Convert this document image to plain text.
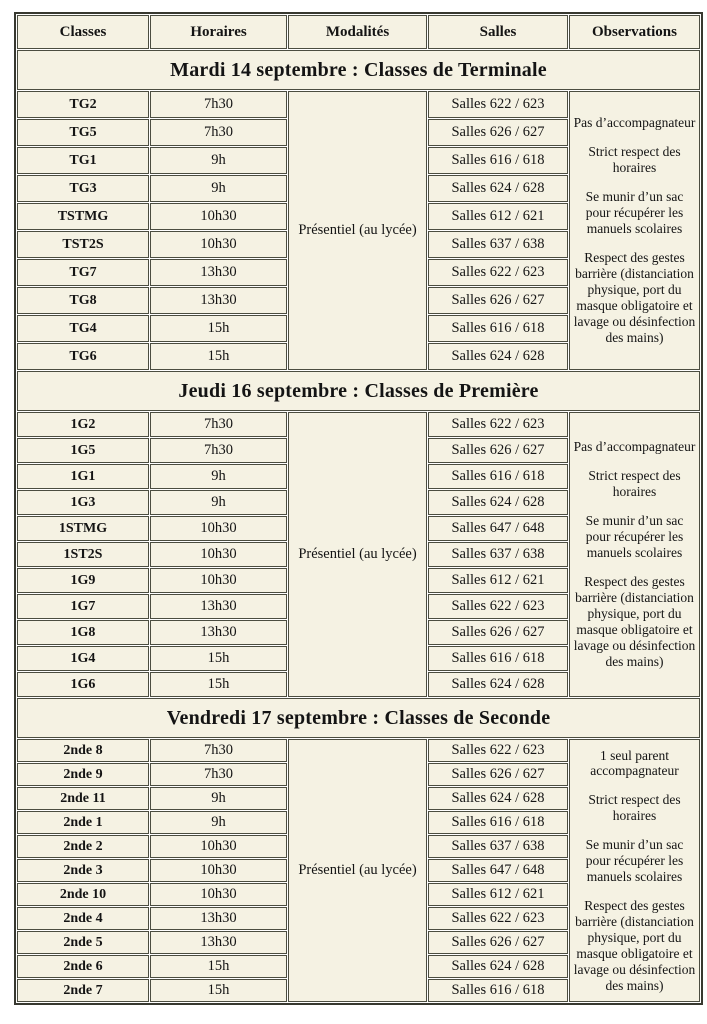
Classes	Horaires	Modalités	Salles	Observations
Mardi 14 septembre : Classes de Terminale				
TG2	7h30	Présentiel (au lycée)	Salles 622 / 623	Pas d’accompagnateur

Strict respect des horaires

Se munir d’un sac pour récupérer les manuels scolaires

Respect des gestes barrière (distanciation physique, port du masque obligatoire et lavage ou désinfection des mains)

TG5	7h30		Salles 626 / 627	
TG1	9h		Salles 616 / 618	
TG3	9h		Salles 624 / 628	
TSTMG	10h30		Salles 612 / 621	
TST2S	10h30		Salles 637 / 638	
TG7	13h30		Salles 622 / 623	
TG8	13h30		Salles 626 / 627	
TG4	15h		Salles 616 / 618	
TG6	15h		Salles 624 / 628	
Jeudi 16 septembre : Classes de Première				
1G2	7h30	Présentiel (au lycée)	Salles 622 / 623	Pas d’accompagnateur

Strict respect des horaires

Se munir d’un sac pour récupérer les manuels scolaires

Respect des gestes barrière (distanciation physique, port du masque obligatoire et lavage ou désinfection des mains)

1G5	7h30		Salles 626 / 627	
1G1	9h		Salles 616 / 618	
1G3	9h		Salles 624 / 628	
1STMG	10h30		Salles 647 / 648	
1ST2S	10h30		Salles 637 / 638	
1G9	10h30		Salles 612 / 621	
1G7	13h30		Salles 622 / 623	
1G8	13h30		Salles 626 / 627	
1G4	15h		Salles 616 / 618	
1G6	15h		Salles 624 / 628	
Vendredi 17 septembre : Classes de Seconde				
2nde 8	7h30	Présentiel (au lycée)	Salles 622 / 623	1 seul parent accompagnateur

Strict respect des horaires

Se munir d’un sac pour récupérer les manuels scolaires

Respect des gestes barrière (distanciation physique, port du masque obligatoire et lavage ou désinfection des mains)

2nde 9	7h30		Salles 626 / 627	
2nde 11	9h		Salles 624 / 628	
2nde 1	9h		Salles 616 / 618	
2nde 2	10h30		Salles 637 / 638	
2nde 3	10h30		Salles 647 / 648	
2nde 10	10h30		Salles 612 / 621	
2nde 4	13h30		Salles 622 / 623	
2nde 5	13h30		Salles 626 / 627	
2nde 6	15h		Salles 624 / 628	
2nde 7	15h		Salles 616 / 618	
